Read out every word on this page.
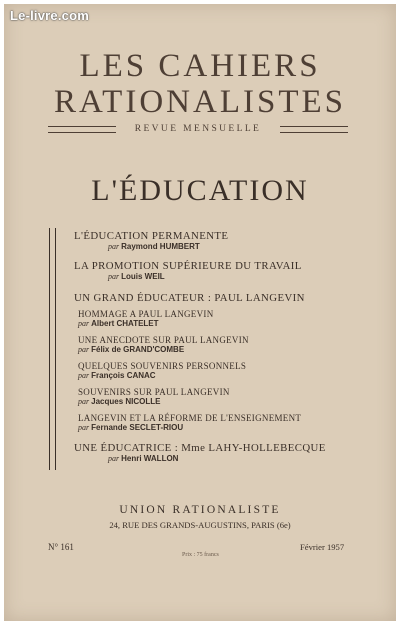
Le-livre.com
LES CAHIERS
RATIONALISTES
REVUE MENSUELLE
L'ÉDUCATION
L'ÉDUCATION PERMANENTE
par Raymond HUMBERT
LA PROMOTION SUPÉRIEURE DU TRAVAIL
par Louis WEIL
UN GRAND ÉDUCATEUR : PAUL LANGEVIN
HOMMAGE A PAUL LANGEVIN
par Albert CHATELET
UNE ANECDOTE SUR PAUL LANGEVIN
par Félix de GRAND'COMBE
QUELQUES SOUVENIRS PERSONNELS
par François CANAC
SOUVENIRS SUR PAUL LANGEVIN
par Jacques NICOLLE
LANGEVIN ET LA RÉFORME DE L'ENSEIGNEMENT
par Fernande SECLET-RIOU
UNE ÉDUCATRICE : Mme LAHY-HOLLEBECQUE
par Henri WALLON
UNION RATIONALISTE
24, RUE DES GRANDS-AUGUSTINS, PARIS (6e)
N° 161
Prix : 75 francs
Février 1957
